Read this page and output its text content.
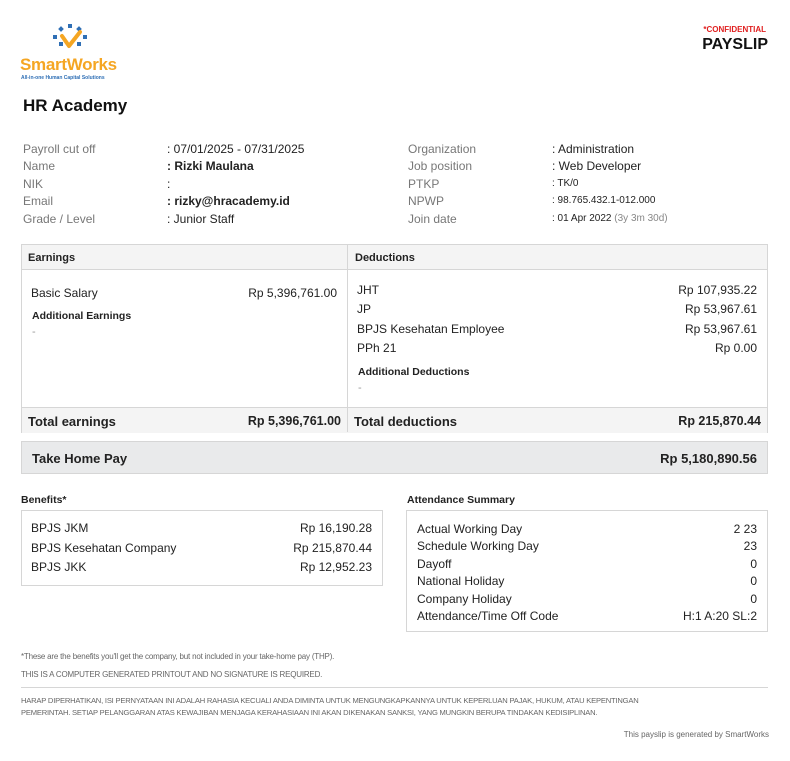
SmartWorks
All-in-one Human Capital Solutions
*CONFIDENTIAL
PAYSLIP
HR Academy
Payroll cut off	: 07/01/2025 - 07/31/2025
Name	: Rizki Maulana
NIK	:
Email	: rizky@hracademy.id
Grade / Level	: Junior Staff
Organization	: Administration
Job position	: Web Developer
PTKP	: TK/0
NPWP	: 98.765.432.1-012.000
Join date	: 01 Apr 2022 (3y 3m 30d)
Earnings	Deductions
Basic Salary	Rp 5,396,761.00
Additional Earnings
-
JHT	Rp 107,935.22
JP	Rp 53,967.61
BPJS Kesehatan Employee	Rp 53,967.61
PPh 21	Rp 0.00
Additional Deductions
-
Total earnings	Rp 5,396,761.00 Total deductions	Rp 215,870.44
Take Home Pay	Rp 5,180,890.56
Benefits*
BPJS JKM	Rp 16,190.28
BPJS Kesehatan Company	Rp 215,870.44
BPJS JKK	Rp 12,952.23
Attendance Summary
Actual Working Day	2 23
Schedule Working Day	23
Dayoff	0
National Holiday	0
Company Holiday	0
Attendance/Time Off Code	H:1 A:20 SL:2
*These are the benefits you'll get the company, but not included in your take-home pay (THP).
THIS IS A COMPUTER GENERATED PRINTOUT AND NO SIGNATURE IS REQUIRED.
HARAP DIPERHATIKAN, ISI PERNYATAAN INI ADALAH RAHASIA KECUALI ANDA DIMINTA UNTUK MENGUNGKAPKANNYA UNTUK KEPERLUAN PAJAK, HUKUM, ATAU KEPENTINGAN
PEMERINTAH. SETIAP PELANGGARAN ATAS KEWAJIBAN MENJAGA KERAHASIAAN INI AKAN DIKENAKAN SANKSI, YANG MUNGKIN BERUPA TINDAKAN KEDISIPLINAN.
This payslip is generated by SmartWorks
